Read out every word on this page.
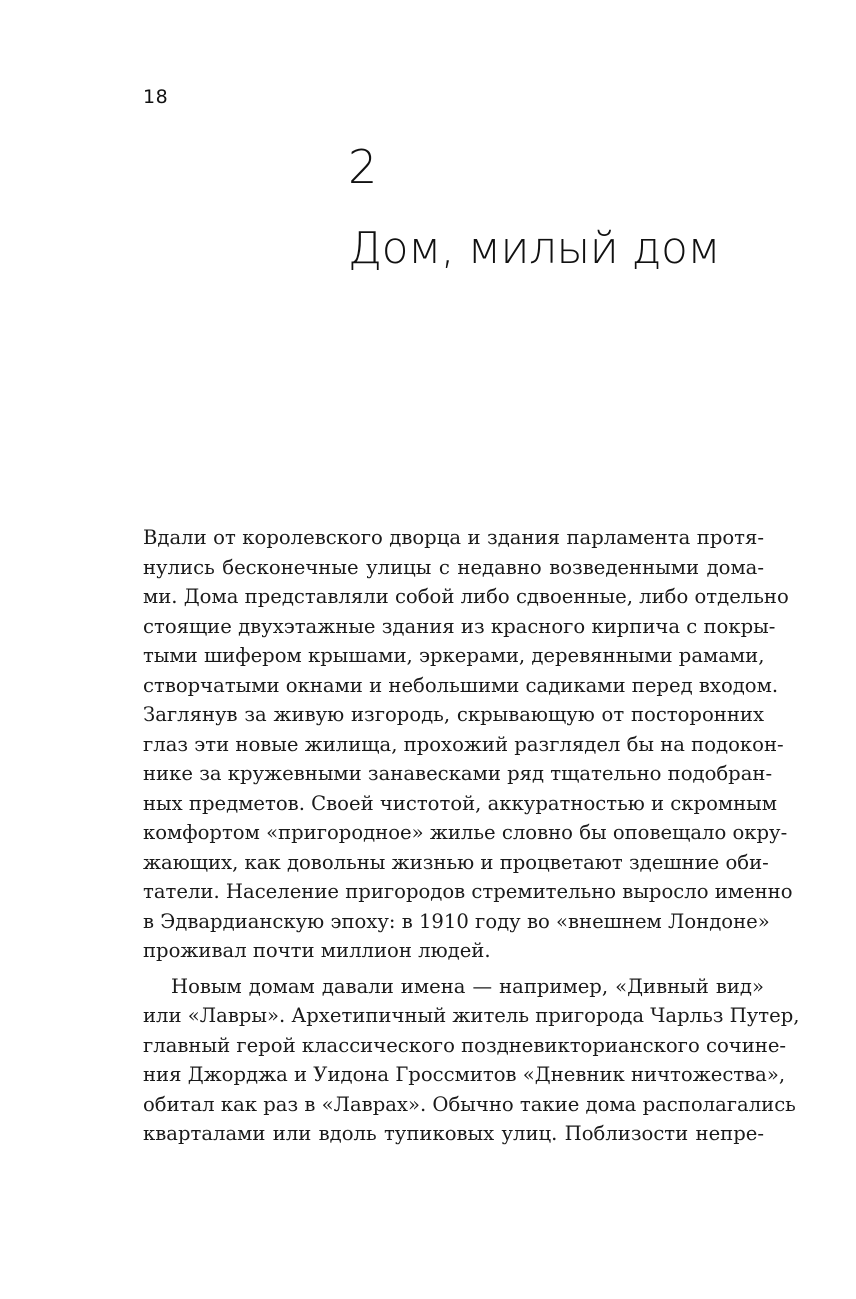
18
2
Дом, милый дом
Вдали от королевского дворца и здания парламента протя-
нулись бесконечные улицы с недавно возведенными дома-
ми. Дома представляли собой либо сдвоенные, либо отдельно
стоящие двухэтажные здания из красного кирпича с покры-
тыми шифером крышами, эркерами, деревянными рамами,
створчатыми окнами и небольшими садиками перед входом.
Заглянув за живую изгородь, скрывающую от посторонних
глаз эти новые жилища, прохожий разглядел бы на подокон-
нике за кружевными занавесками ряд тщательно подобран-
ных предметов. Своей чистотой, аккуратностью и скромным
комфортом «пригородное» жилье словно бы оповещало окру-
жающих, как довольны жизнью и процветают здешние оби-
татели. Население пригородов стремительно выросло именно
в Эдвардианскую эпоху: в 1910 году во «внешнем Лондоне»
проживал почти миллион людей.
Новым домам давали имена — например, «Дивный вид»
или «Лавры». Архетипичный житель пригорода Чарльз Путер,
главный герой классического поздневикторианского сочине-
ния Джорджа и Уидона Гроссмитов «Дневник ничтожества»,
обитал как раз в «Лаврах». Обычно такие дома располагались
кварталами или вдоль тупиковых улиц. Поблизости непре-
